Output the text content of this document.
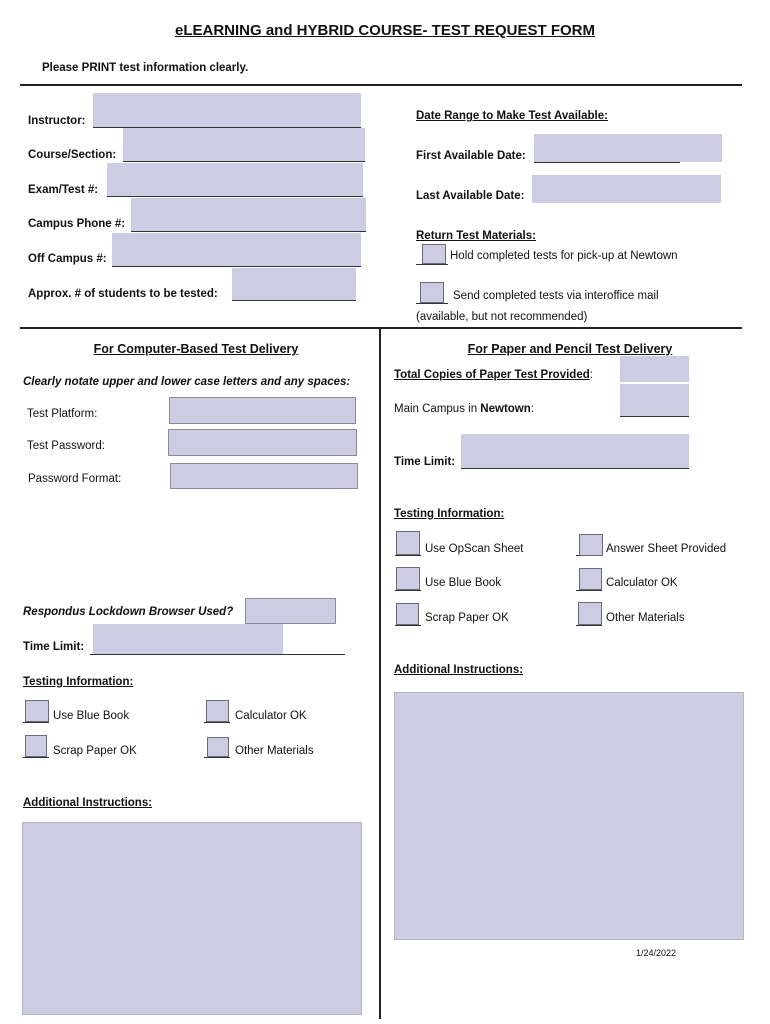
eLEARNING and HYBRID COURSE- TEST REQUEST FORM
Please PRINT test information clearly.
Instructor:
Course/Section:
Exam/Test #:
Campus Phone #:
Off Campus #:
Approx. # of students to be tested:
Date Range to Make Test Available:
First Available Date:
Last Available Date:
Return Test Materials:
Hold completed tests for pick-up at Newtown
Send completed tests via interoffice mail
(available, but not recommended)
For Computer-Based Test Delivery
Clearly notate upper and lower case letters and any spaces:
Test Platform:
Test Password:
Password Format:
Respondus Lockdown Browser Used?
Time Limit:
Testing Information:
Use Blue Book	Calculator OK
Scrap Paper OK	Other Materials
Additional Instructions:
For Paper and Pencil Test Delivery
Total Copies of Paper Test Provided:
Main Campus in Newtown:
Time Limit:
Testing Information:
Use OpScan Sheet	Answer Sheet Provided
Use Blue Book	Calculator OK
Scrap Paper OK	Other Materials
Additional Instructions:
1/24/2022
